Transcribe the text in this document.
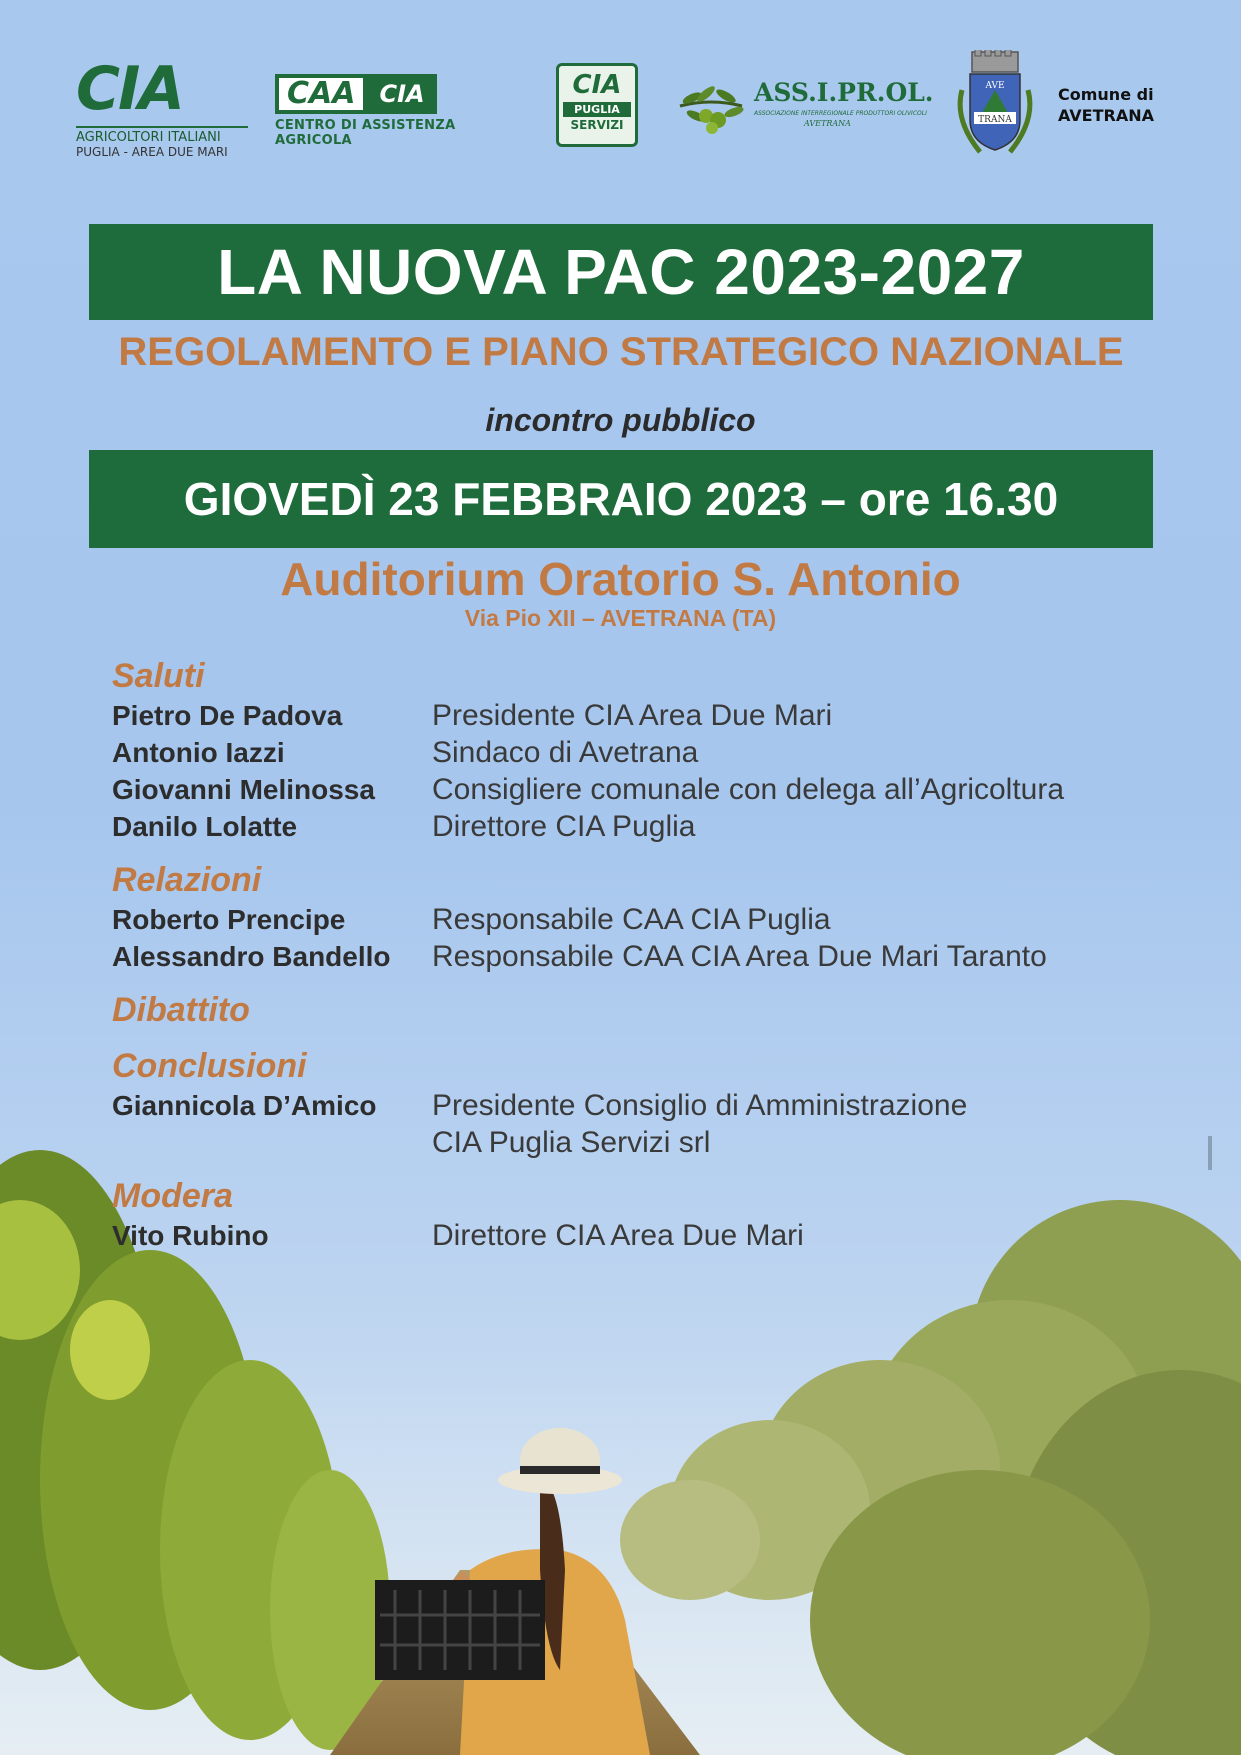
CIA
AGRICOLTORI ITALIANI
PUGLIA - AREA DUE MARI
CAA	CIA
CENTRO DI ASSISTENZA AGRICOLA
CIA
PUGLIA
SERVIZI
ASS.I.PR.OL.
ASSOCIAZIONE INTERREGIONALE PRODUTTORI OLIVICOLI
AVETRANA
AVE
TRANA
Comune di
AVETRANA
LA NUOVA PAC 2023-2027
REGOLAMENTO E PIANO STRATEGICO NAZIONALE
incontro pubblico
GIOVEDÌ 23 FEBBRAIO 2023 – ore 16.30
Auditorium Oratorio S. Antonio
Via Pio XII – AVETRANA (TA)
Saluti
Pietro De Padova	Presidente CIA Area Due Mari
Antonio Iazzi	Sindaco di Avetrana
Giovanni Melinossa	Consigliere comunale con delega all’Agricoltura
Danilo Lolatte	Direttore CIA Puglia
Relazioni
Roberto Prencipe	Responsabile CAA CIA Puglia
Alessandro Bandello	Responsabile CAA CIA Area Due Mari Taranto
Dibattito
Conclusioni
Giannicola D’Amico	Presidente Consiglio di Amministrazione
CIA Puglia Servizi srl
Modera
Vito Rubino	Direttore CIA Area Due Mari
